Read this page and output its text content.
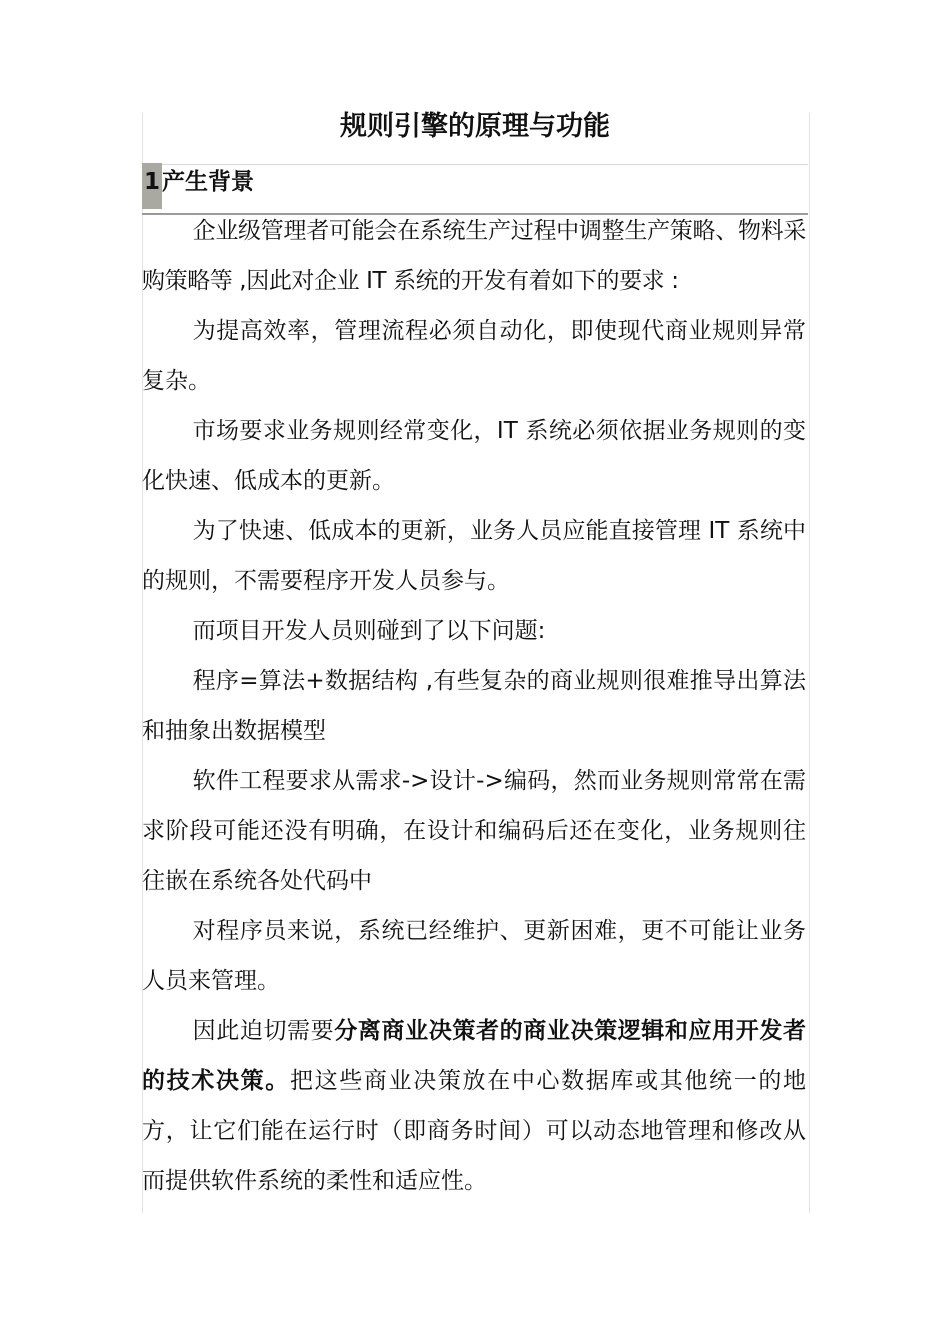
规则引擎的原理与功能
1产生背景

企业级管理者可能会在系统生产过程中调整生产策略、物料采购策略等 ,因此对企业 IT 系统的开发有着如下的要求 :

为提高效率，管理流程必须自动化，即使现代商业规则异常复杂。

市场要求业务规则经常变化，IT 系统必须依据业务规则的变化快速、低成本的更新。

为了快速、低成本的更新，业务人员应能直接管理 IT 系统中的规则，不需要程序开发人员参与。

而项目开发人员则碰到了以下问题:

程序=算法+数据结构 ,有些复杂的商业规则很难推导出算法和抽象出数据模型

软件工程要求从需求->设计->编码，然而业务规则常常在需求阶段可能还没有明确，在设计和编码后还在变化，业务规则往往嵌在系统各处代码中

对程序员来说，系统已经维护、更新困难，更不可能让业务人员来管理。

因此迫切需要分离商业决策者的商业决策逻辑和应用开发者的技术决策。把这些商业决策放在中心数据库或其他统一的地方，让它们能在运行时（即商务时间）可以动态地管理和修改从而提供软件系统的柔性和适应性。
